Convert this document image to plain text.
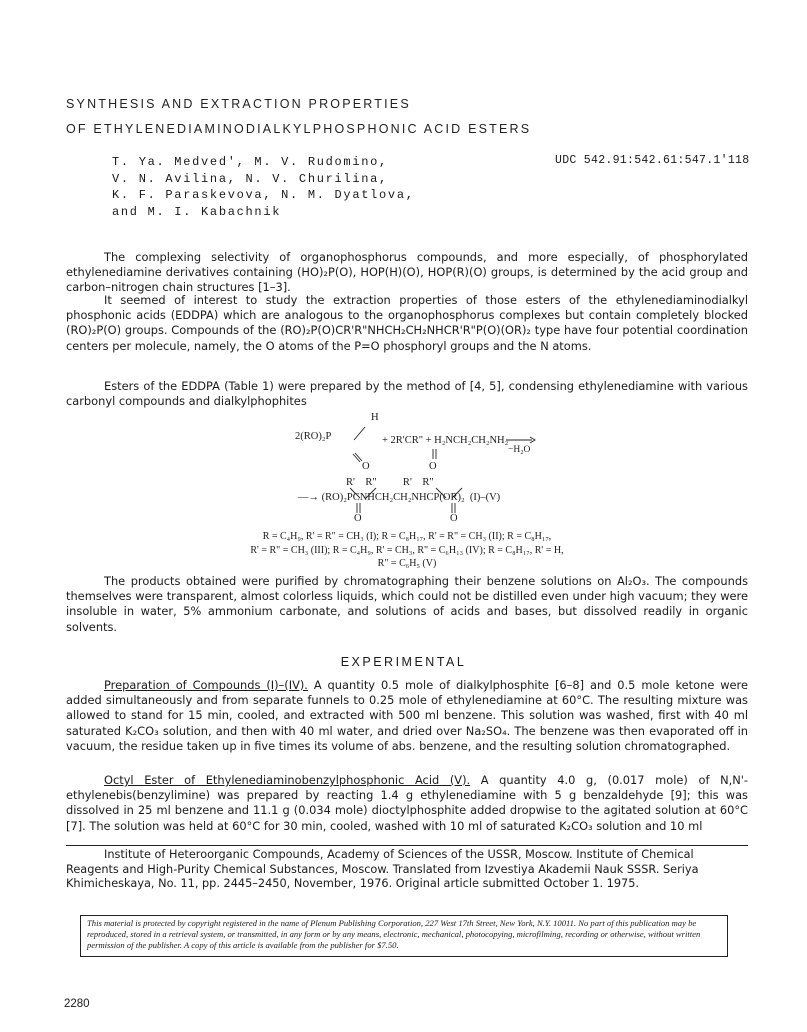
SYNTHESIS AND EXTRACTION PROPERTIES
OF ETHYLENEDIAMINODIALKYLPHOSPHONIC ACID ESTERS
T. Ya. Medved', M. V. Rudomino,
V. N. Avilina, N. V. Churilina,
K. F. Paraskevova, N. M. Dyatlova,
and M. I. Kabachnik
UDC 542.91:542.61:547.1'118
The complexing selectivity of organophosphorus compounds, and more especially, of phosphorylated ethylenediamine derivatives containing (HO)₂P(O), HOP(H)(O), HOP(R)(O) groups, is determined by the acid group and carbon–nitrogen chain structures [1–3].
It seemed of interest to study the extraction properties of those esters of the ethylenediaminodialkyl phosphonic acids (EDDPA) which are analogous to the organophosphorus complexes but contain completely blocked (RO)₂P(O) groups. Compounds of the (RO)₂P(O)CR'R"NHCH₂CH₂NHCR'R"P(O)(OR)₂ type have four potential coordination centers per molecule, namely, the O atoms of the P=O phosphoryl groups and the N atoms.
Esters of the EDDPA (Table 1) were prepared by the method of [4, 5], condensing ethylenediamine with various carbonyl compounds and dialkylphophites
H
2(RO)₂P	+ 2R'CR" + H₂NCH₂CH₂NH₂
−H₂O
O	O
R'    R"          R'    R"
—→ (RO)₂PCNHCH₂CH₂NHCP(OR)₂  (I)–(V)
O	O
R = C₄H₉, R' = R" = CH₃ (I); R = C₈H₁₇, R' = R" = CH₃ (II); R = C₈H₁₇,
R' = R" = CH₃ (III); R = C₄H₉, R' = CH₃, R" = C₆H₁₃ (IV); R = C₈H₁₇, R' = H,
R" = C₆H₅ (V)
The products obtained were purified by chromatographing their benzene solutions on Al₂O₃. The compounds themselves were transparent, almost colorless liquids, which could not be distilled even under high vacuum; they were insoluble in water, 5% ammonium carbonate, and solutions of acids and bases, but dissolved readily in organic solvents.
EXPERIMENTAL
Preparation of Compounds (I)–(IV). A quantity 0.5 mole of dialkylphosphite [6–8] and 0.5 mole ketone were added simultaneously and from separate funnels to 0.25 mole of ethylenediamine at 60°C. The resulting mixture was allowed to stand for 15 min, cooled, and extracted with 500 ml benzene. This solution was washed, first with 40 ml saturated K₂CO₃ solution, and then with 40 ml water, and dried over Na₂SO₄. The benzene was then evaporated off in vacuum, the residue taken up in five times its volume of abs. benzene, and the resulting solution chromatographed.
Octyl Ester of Ethylenediaminobenzylphosphonic Acid (V). A quantity 4.0 g, (0.017 mole) of N,N'-ethylenebis(benzylimine) was prepared by reacting 1.4 g ethylenediamine with 5 g benzaldehyde [9]; this was dissolved in 25 ml benzene and 11.1 g (0.034 mole) dioctylphosphite added dropwise to the agitated solution at 60°C [7]. The solution was held at 60°C for 30 min, cooled, washed with 10 ml of saturated K₂CO₃ solution and 10 ml
Institute of Heteroorganic Compounds, Academy of Sciences of the USSR, Moscow. Institute of Chemical Reagents and High-Purity Chemical Substances, Moscow. Translated from Izvestiya Akademii Nauk SSSR. Seriya Khimicheskaya, No. 11, pp. 2445–2450, November, 1976. Original article submitted October 1. 1975.
This material is protected by copyright registered in the name of Plenum Publishing Corporation, 227 West 17th Street, New York, N.Y. 10011. No part of this publication may be reproduced, stored in a retrieval system, or transmitted, in any form or by any means, electronic, mechanical, photocopying, microfilming, recording or otherwise, without written permission of the publisher. A copy of this article is available from the publisher for $7.50.
2280
